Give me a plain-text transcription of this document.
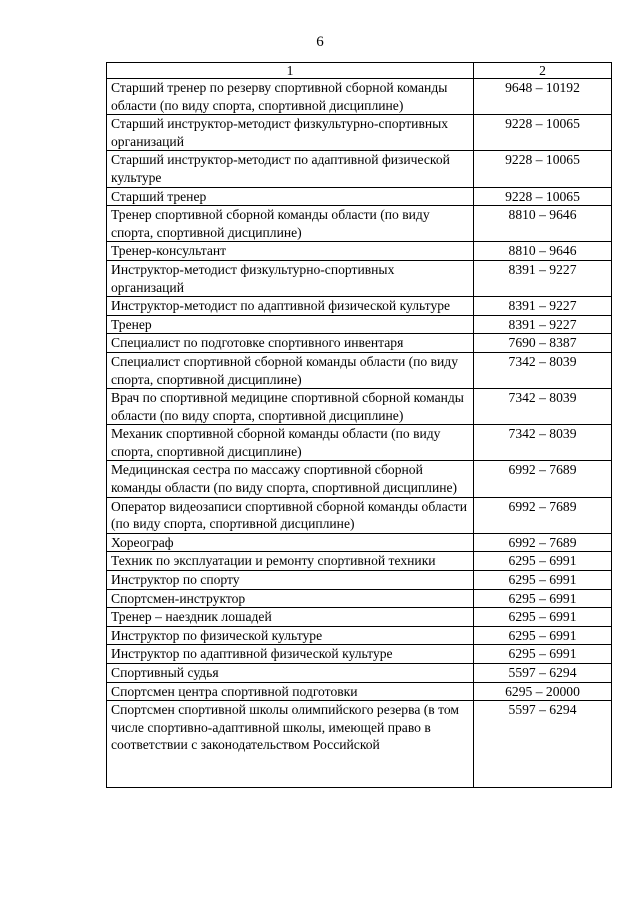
6
1	2
Старший тренер по резерву спортивной сборной команды области (по виду спорта, спортивной дисциплине)	9648 – 10192
Старший инструктор-методист физкультурно-спортивных организаций	9228 – 10065
Старший инструктор-методист по адаптивной физической культуре	9228 – 10065
Старший тренер	9228 – 10065
Тренер спортивной сборной команды области (по виду спорта, спортивной дисциплине)	8810 – 9646
Тренер-консультант	8810 – 9646
Инструктор-методист физкультурно-спортивных организаций	8391 – 9227
Инструктор-методист по адаптивной физической культуре	8391 – 9227
Тренер	8391 – 9227
Специалист по подготовке спортивного инвентаря	7690 – 8387
Специалист спортивной сборной команды области (по виду спорта, спортивной дисциплине)	7342 – 8039
Врач по спортивной медицине спортивной сборной команды области (по виду спорта, спортивной дисциплине)	7342 – 8039
Механик спортивной сборной команды области (по виду спорта, спортивной дисциплине)	7342 – 8039
Медицинская сестра по массажу спортивной сборной команды области (по виду спорта, спортивной дисциплине)	6992 – 7689
Оператор видеозаписи спортивной сборной команды области (по виду спорта, спортивной дисциплине)	6992 – 7689
Хореограф	6992 – 7689
Техник по эксплуатации и ремонту спортивной техники	6295 – 6991
Инструктор по спорту	6295 – 6991
Спортсмен-инструктор	6295 – 6991
Тренер – наездник лошадей	6295 – 6991
Инструктор по физической культуре	6295 – 6991
Инструктор по адаптивной физической культуре	6295 – 6991
Спортивный судья	5597 – 6294
Спортсмен центра спортивной подготовки	6295 – 20000
Спортсмен спортивной школы олимпийского резерва (в том числе спортивно-адаптивной школы, имеющей право в соответствии с законодательством Российской	5597 – 6294
